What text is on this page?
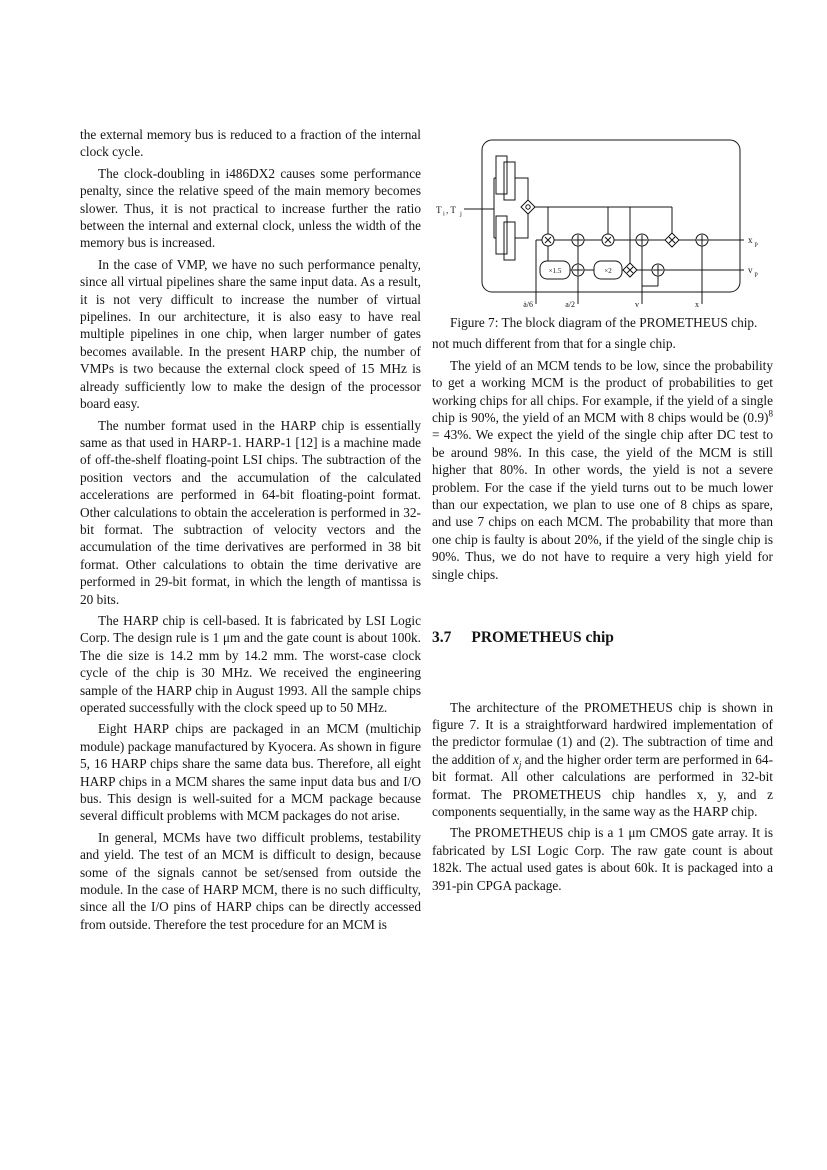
the external memory bus is reduced to a fraction of the internal clock cycle.

The clock-doubling in i486DX2 causes some performance penalty, since the relative speed of the main memory becomes slower. Thus, it is not practical to increase further the ratio between the internal and external clock, unless the width of the memory bus is increased.

In the case of VMP, we have no such performance penalty, since all virtual pipelines share the same input data. As a result, it is not very difficult to increase the number of virtual pipelines. In our architecture, it is also easy to have real multiple pipelines in one chip, when larger number of gates becomes available. In the present HARP chip, the number of VMPs is two because the external clock speed of 15 MHz is already sufficiently low to make the design of the processor board easy.

The number format used in the HARP chip is essentially same as that used in HARP-1. HARP-1 [12] is a machine made of off-the-shelf floating-point LSI chips. The subtraction of the position vectors and the accumulation of the calculated accelerations are performed in 64-bit floating-point format. Other calculations to obtain the acceleration is performed in 32-bit format. The subtraction of velocity vectors and the accumulation of the time derivatives are performed in 38 bit format. Other calculations to obtain the time derivative are performed in 29-bit format, in which the length of mantissa is 20 bits.

The HARP chip is cell-based. It is fabricated by LSI Logic Corp. The design rule is 1 μm and the gate count is about 100k. The die size is 14.2 mm by 14.2 mm. The worst-case clock cycle of the chip is 30 MHz. We received the engineering sample of the HARP chip in August 1993. All the sample chips operated successfully with the clock speed up to 50 MHz.

Eight HARP chips are packaged in an MCM (multichip module) package manufactured by Kyocera. As shown in figure 5, 16 HARP chips share the same data bus. Therefore, all eight HARP chips in a MCM shares the same input data bus and I/O bus. This design is well-suited for a MCM package because several difficult problems with MCM packages do not arise.

In general, MCMs have two difficult problems, testability and yield. The test of an MCM is difficult to design, because some of the signals cannot be set/sensed from outside the module. In the case of HARP MCM, there is no such difficulty, since all the I/O pins of HARP chips can be directly accessed from outside. Therefore the test procedure for an MCM is

T i , T j
×1.5	×2
ȧ/6	a/2	v	x
x p
v p

Figure 7: The block diagram of the PROMETHEUS chip.

not much different from that for a single chip.

The yield of an MCM tends to be low, since the probability to get a working MCM is the product of probabilities to get working chips for all chips. For example, if the yield of a single chip is 90%, the yield of an MCM with 8 chips would be $(0.9)^8 = 43\%$. We expect the yield of the single chip after DC test to be around 98%. In this case, the yield of the MCM is still higher that 80%. In other words, the yield is not a severe problem. For the case if the yield turns out to be much lower than our expectation, we plan to use one of 8 chips as spare, and use 7 chips on each MCM. The probability that more than one chip is faulty is about 20%, if the yield of the single chip is 90%. Thus, we do not have to require a very high yield for single chips.

3.7 PROMETHEUS chip

The architecture of the PROMETHEUS chip is shown in figure 7. It is a straightforward hardwired implementation of the predictor formulae (1) and (2). The subtraction of time and the addition of $x_j$ and the higher order term are performed in 64-bit format. All other calculations are performed in 32-bit format. The PROMETHEUS chip handles x, y, and z components sequentially, in the same way as the HARP chip.

The PROMETHEUS chip is a 1 μm CMOS gate array. It is fabricated by LSI Logic Corp. The raw gate count is about 182k. The actual used gates is about 60k. It is packaged into a 391-pin CPGA package.
